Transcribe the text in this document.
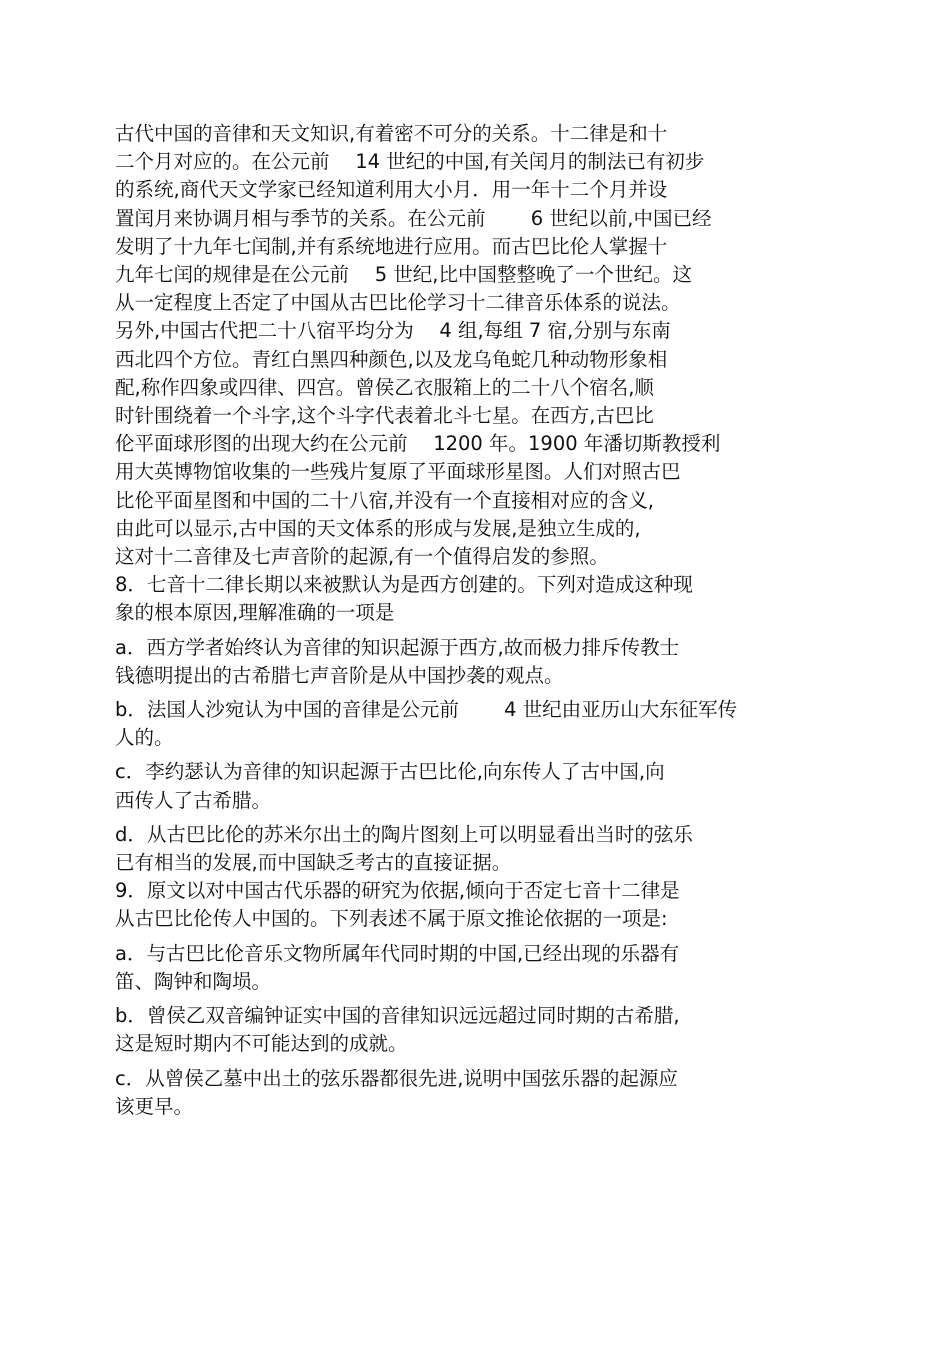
古代中国的音律和天文知识,有着密不可分的关系。十二律是和十
二个月对应的。在公元前　 14 世纪的中国,有关闰月的制法已有初步
的系统,商代天文学家已经知道利用大小月．用一年十二个月并设
置闰月来协调月相与季节的关系。在公元前　　 6 世纪以前,中国已经
发明了十九年七闰制,并有系统地进行应用。而古巴比伦人掌握十
九年七闰的规律是在公元前　 5 世纪,比中国整整晚了一个世纪。这
从一定程度上否定了中国从古巴比伦学习十二律音乐体系的说法。
另外,中国古代把二十八宿平均分为　 4 组,每组 7 宿,分别与东南
西北四个方位。青红白黑四种颜色,以及龙乌龟蛇几种动物形象相
配,称作四象或四律、四宫。曾侯乙衣服箱上的二十八个宿名,顺
时针围绕着一个斗字,这个斗字代表着北斗七星。在西方,古巴比
伦平面球形图的出现大约在公元前　 1200 年。1900 年潘切斯教授利
用大英博物馆收集的一些残片复原了平面球形星图。人们对照古巴
比伦平面星图和中国的二十八宿,并没有一个直接相对应的含义,
由此可以显示,古中国的天文体系的形成与发展,是独立生成的,
这对十二音律及七声音阶的起源,有一个值得启发的参照。
8．七音十二律长期以来被默认为是西方创建的。下列对造成这种现
象的根本原因,理解准确的一项是
a．西方学者始终认为音律的知识起源于西方,故而极力排斥传教士
钱德明提出的古希腊七声音阶是从中国抄袭的观点。
b．法国人沙宛认为中国的音律是公元前　　 4 世纪由亚历山大东征军传
人的。
c．李约瑟认为音律的知识起源于古巴比伦,向东传人了古中国,向
西传人了古希腊。
d．从古巴比伦的苏米尔出土的陶片图刻上可以明显看出当时的弦乐
已有相当的发展,而中国缺乏考古的直接证据。
9．原文以对中国古代乐器的研究为依据,倾向于否定七音十二律是
从古巴比伦传人中国的。下列表述不属于原文推论依据的一项是:
a．与古巴比伦音乐文物所属年代同时期的中国,已经出现的乐器有
笛、陶钟和陶埙。
b．曾侯乙双音编钟证实中国的音律知识远远超过同时期的古希腊,
这是短时期内不可能达到的成就。
c．从曾侯乙墓中出土的弦乐器都很先进,说明中国弦乐器的起源应
该更早。
